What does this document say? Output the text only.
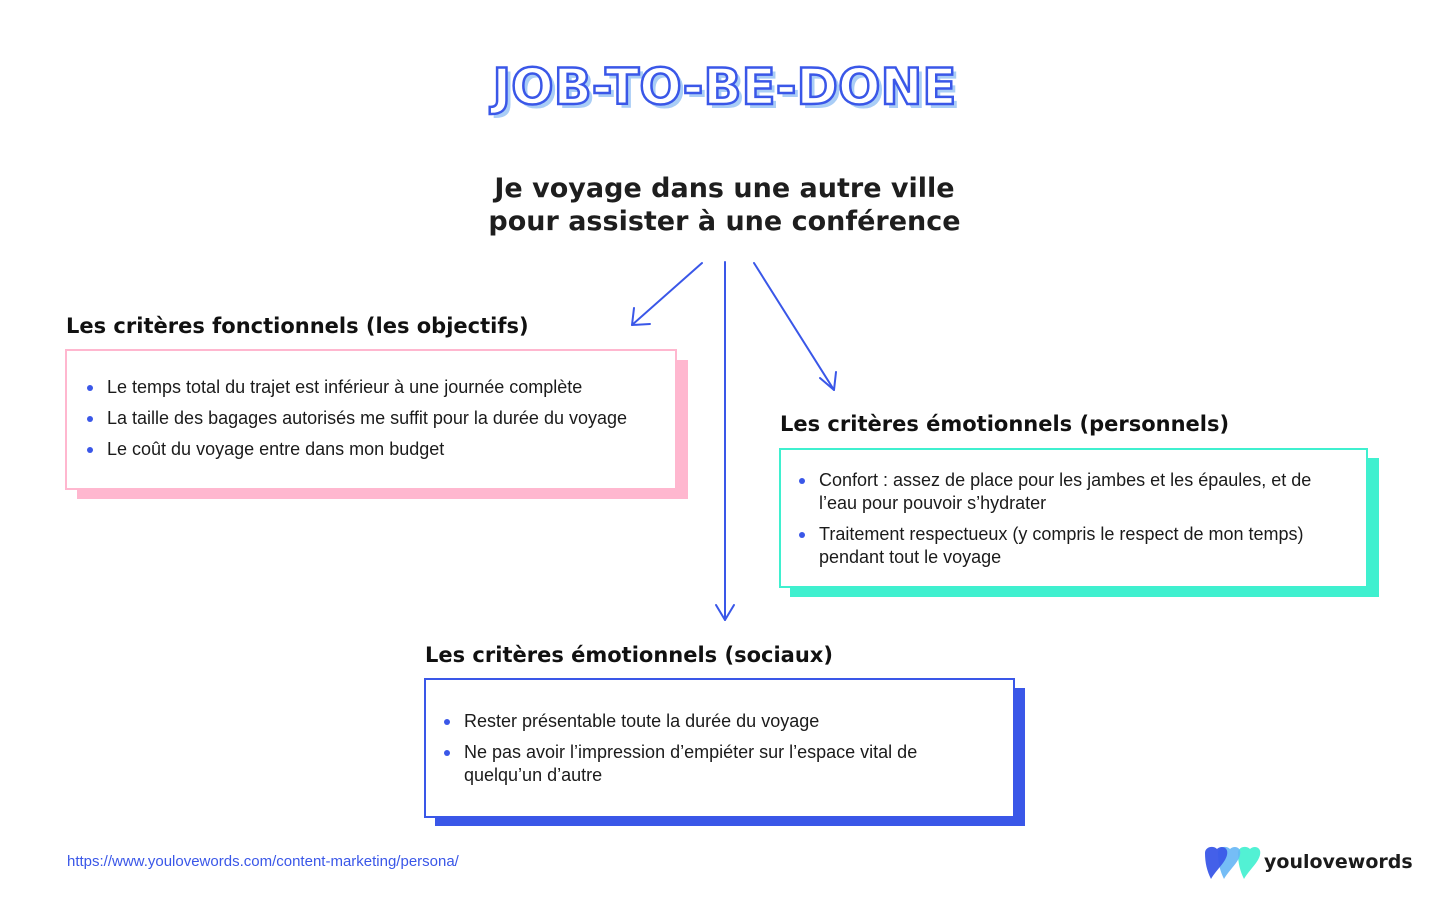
JOB-TO-BE-DONE
Je voyage dans une autre ville
pour assister à une conférence
Les critères fonctionnels (les objectifs)
Le temps total du trajet est inférieur à une journée complète
La taille des bagages autorisés me suffit pour la durée du voyage
Le coût du voyage entre dans mon budget
Les critères émotionnels (personnels)
Confort : assez de place pour les jambes et les épaules, et de l’eau pour pouvoir s’hydrater
Traitement respectueux (y compris le respect de mon temps) pendant tout le voyage
Les critères émotionnels (sociaux)
Rester présentable toute la durée du voyage
Ne pas avoir l’impression d’empiéter sur l’espace vital de quelqu’un d’autre
https://www.youlovewords.com/content-marketing/persona/	youlovewords
